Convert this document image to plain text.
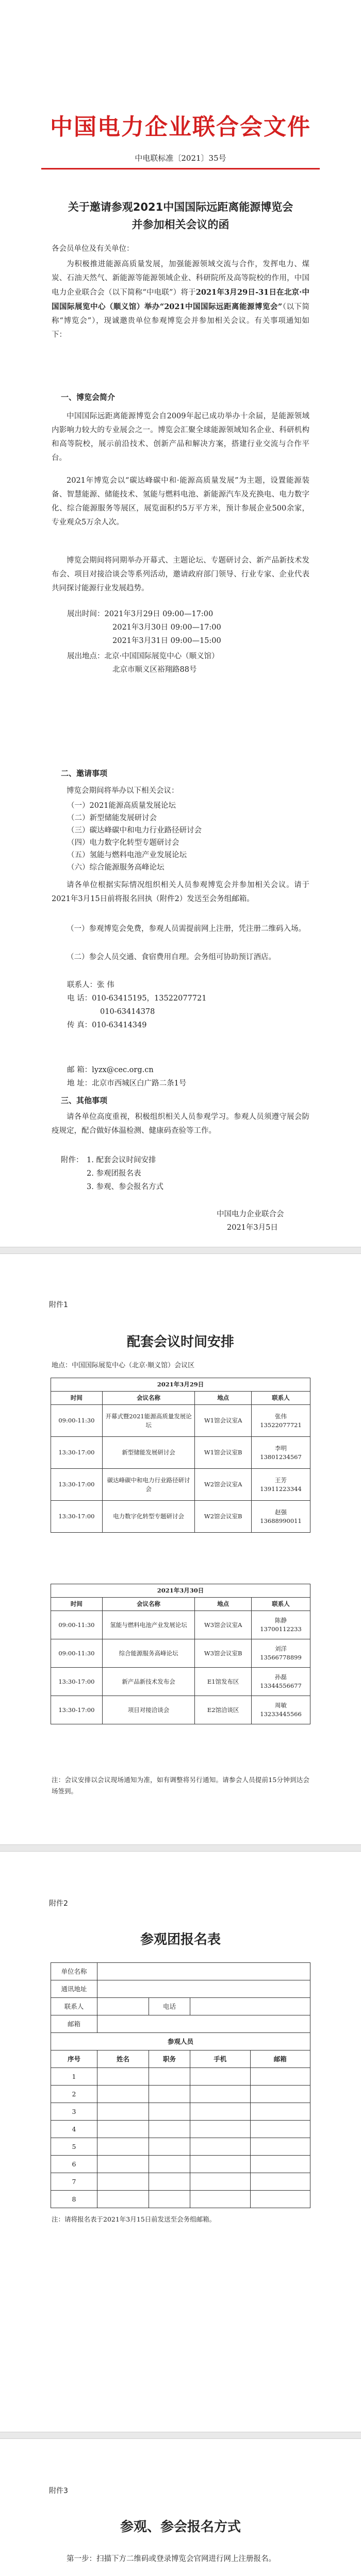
中国电力企业联合会文件
中电联标准〔2021〕35号
关于邀请参观2021中国国际远距离能源博览会
并参加相关会议的函
各会员单位及有关单位：
为积极推进能源高质量发展，加强能源领域交流与合作，发挥电力、煤炭、石油天然气、新能源等能源领域企业、科研院所及高等院校的作用，中国电力企业联合会（以下简称“中电联”）将于2021年3月29日-31日在北京·中国国际展览中心（顺义馆）举办“2021中国国际远距离能源博览会”（以下简称“博览会”），现诚邀贵单位参观博览会并参加相关会议。有关事项通知如下：
一、博览会简介
中国国际远距离能源博览会自2009年起已成功举办十余届，是能源领域内影响力较大的专业展会之一。博览会汇聚全球能源领域知名企业、科研机构和高等院校，展示前沿技术、创新产品和解决方案，搭建行业交流与合作平台。
2021年博览会以“碳达峰碳中和·能源高质量发展”为主题，设置能源装备、智慧能源、储能技术、氢能与燃料电池、新能源汽车及充换电、电力数字化、综合能源服务等展区，展览面积约5万平方米，预计参展企业500余家，专业观众5万余人次。
博览会期间将同期举办开幕式、主题论坛、专题研讨会、新产品新技术发布会、项目对接洽谈会等系列活动，邀请政府部门领导、行业专家、企业代表共同探讨能源行业发展趋势。
展出时间：2021年3月29日 09:00—17:00
2021年3月30日 09:00—17:00
2021年3月31日 09:00—15:00
展出地点：北京·中国国际展览中心（顺义馆）
北京市顺义区裕翔路88号
二、邀请事项
博览会期间将举办以下相关会议：
（一）2021能源高质量发展论坛
（二）新型储能发展研讨会
（三）碳达峰碳中和电力行业路径研讨会
（四）电力数字化转型专题研讨会
（五）氢能与燃料电池产业发展论坛
（六）综合能源服务高峰论坛
请各单位根据实际情况组织相关人员参观博览会并参加相关会议。请于2021年3月15日前将报名回执（附件2）发送至会务组邮箱。
（一）参观博览会免费，参观人员需提前网上注册，凭注册二维码入场。
（二）参会人员交通、食宿费用自理。会务组可协助预订酒店。
联系人：张 伟
电 话：010-63415195，13522077721
010-63414378
传 真：010-63414349
邮 箱：lyzx@cec.org.cn
地 址：北京市西城区白广路二条1号
三、其他事项
请各单位高度重视，积极组织相关人员参观学习。参观人员须遵守展会防疫规定，配合做好体温检测、健康码查验等工作。
附件： 1. 配套会议时间安排
2. 参观团报名表
3. 参观、参会报名方式
中国电力企业联合会
2021年3月5日
附件1
配套会议时间安排
地点：中国国际展览中心（北京·顺义馆）会议区
2021年3月29日			
时间	会议名称	地点	联系人
09:00-11:30	开幕式暨2021能源高质量发展论坛	W1馆会议室A	张伟 13522077721
13:30-17:00	新型储能发展研讨会	W1馆会议室B	李明 13801234567
13:30-17:00	碳达峰碳中和电力行业路径研讨会	W2馆会议室A	王芳 13911223344
13:30-17:00	电力数字化转型专题研讨会	W2馆会议室B	赵强 13688990011
2021年3月30日			
时间	会议名称	地点	联系人
09:00-11:30	氢能与燃料电池产业发展论坛	W3馆会议室A	陈静 13700112233
09:00-11:30	综合能源服务高峰论坛	W3馆会议室B	刘洋 13566778899
13:30-17:00	新产品新技术发布会	E1馆发布区	孙磊 13344556677
13:30-17:00	项目对接洽谈会	E2馆洽谈区	周敏 13233445566
注：会议安排以会议现场通知为准，如有调整将另行通知。请参会人员提前15分钟到达会场签到。
附件2
参观团报名表
单位名称				
通讯地址				
联系人		电话		
邮箱				
参观人员				
序号	姓名	职务	手机	邮箱
1				
2				
3				
4				
5				
6				
7				
8				
注：请将报名表于2021年3月15日前发送至会务组邮箱。
附件3
参观、参会报名方式
第一步：扫描下方二维码或登录博览会官网进行网上注册报名。
